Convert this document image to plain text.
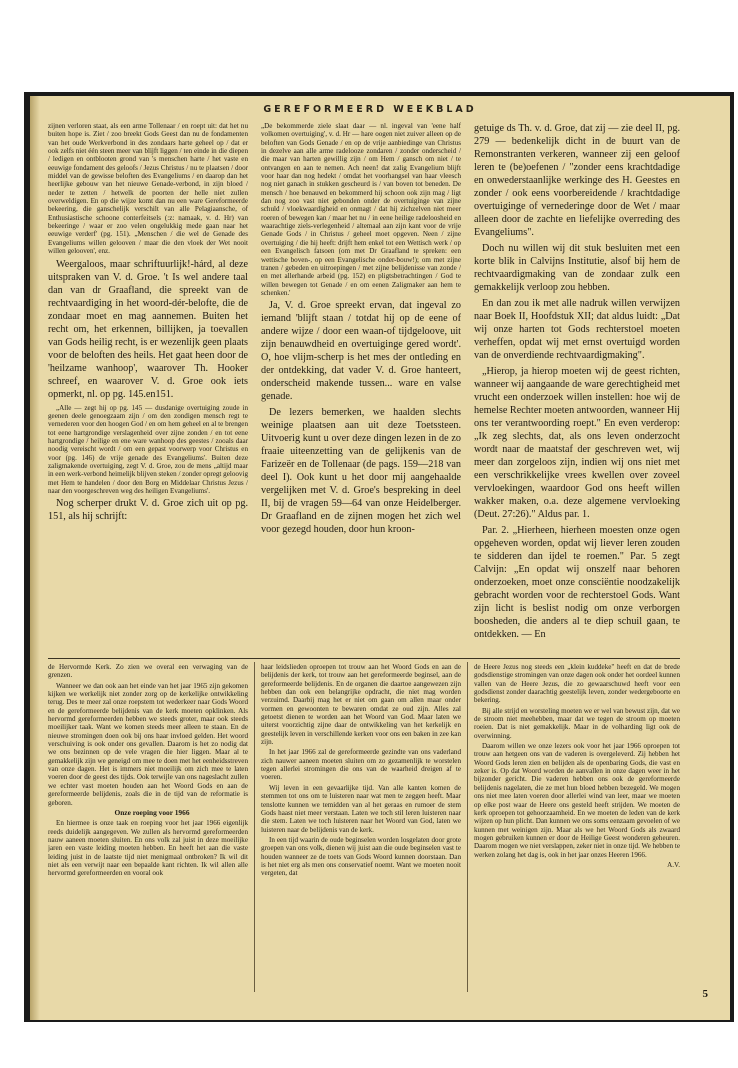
GEREFORMEERD WEEKBLAD

zijnen verloren staat, als een arme Tollenaar / en roept uit: dat het nu buiten hope is. Ziet / zoo breekt Gods Geest dan nu de fondamenten van het oude Werkverbond in des zondaars harte geheel op / dat er ook zelfs niet één steen meer van blijft liggen / ten einde in die diepen / ledigen en ontblooten grond van 's menschen harte / het vaste en eeuwige fondament des geloofs / Jezus Christus / nu te plaatsen / door middel van de gewisse beloften des Evangeliums / en daarop dan het heerlijke gebouw van het nieuwe Genade-verbond, in zijn bloed / neder te zetten / hetwelk de poorten der helle niet zullen overweldigen. En op die wijze komt dan nu een ware Gereformeerde bekeering, die ganschelijk verschilt van alle Pelagiaansche, of Enthusiastische schoone conterfeitsels (:z: namaak, v. d. Hr) van bekeeringe / waar er zoo velen ongelukkig mede gaan naar het eeuwige verderf' (pg. 151). „Menschen / die wel de Genade des Evangeliums willen gelooven / maar die den vloek der Wet nooit willen gelooven', enz.

Weergaloos, maar schriftuurlijk!-hárd, al deze uitspraken van V. d. Groe. 't Is wel andere taal dan van dr Graafland, die spreekt van de rechtvaardiging in het woord-dér-belofte, die de zondaar moet en mag aannemen. Buiten het recht om, het erkennen, billijken, ja toevallen van Gods heilig recht, is er wezenlijk geen plaats voor de beloften des heils. Het gaat heen door de 'heilzame wanhoop', waarover Th. Hooker schreef, en waarover V. d. Groe ook iets opmerkt, nl. op pg. 145.en151.

„Alle — zegt hij op pg. 145 — dusdanige overtuiging zoude in geenen deele genoegzaam zijn / om den zondigen mensch regt te vernederen voor den hoogen God / en om hem geheel en al te brengen tot eene hartgrondige verslagenheid over zijne zonden / en tot eene hartgrondige / heilige en ene ware wanhoop des geestes / zooals daar noodig vereischt wordt / om een gepast voorwerp voor Christus en voor (pg. 146) de vrije genade des Evangeliums'. Buiten deze zaligmakende overtuiging, zegt V. d. Groe, zou de mens „altijd maar in een werk-verbond heimelijk blijven steken / zonder opregt geloovig met Hem te handelen / door den Borg en Middelaar Christus Jezus / naar den voorgeschreven weg des heiligen Evangeliums'.

Nog scherper drukt V. d. Groe zich uit op pg. 151, als hij schrijft:

„De bekommerde ziele slaat daar — nl. ingeval van 'eene half volkomen overtuiging', v. d. Hr — hare oogen niet zuiver alleen op de beloften van Gods Genade / en op de vrije aanbiedinge van Christus in dezelve aan alle arme radelooze zondaren / zonder onderscheid / die maar van harten gewillig zijn / om Hem / gansch om niet / te ontvangen en aan te nemen. Ach neen! dat zalig Evangelium blijft voor haar dan nog hedekt / omdat het voorhangsel van haar vleesch nog niet ganach in stukken gescheurd is / van boven tot beneden. De mensch / hoe benauwd en bekommerd hij schoon ook zijn mag / ligt dan nog zoo vast niet gebonden onder de overtuiginge van zijne schuld / vloekwaardigheid en onmagt / dat hij zichzelven niet meer roeren of bewegen kan / maar het nu / in eene heilige radeloosheid en waarachtige ziels-verlegenheid / altemaal aan zijn kant voor de vrije Genade Gods / in Christus / geheel moet opgeven. Neen / zijne overtuiging / die hij heeft: drijft hem enkel tot een Wettisch werk / op een Evangelisch fatsoen (om met Dr Graafland te spreken: een wettische boven-, op een Evangelische onder-bouw!); om met zijne tranen / gebeden en uitroepingen / met zijne belijdenisse van zonde / en met allerhande arbeid (pg. 152) en pligtsbetrachtingen / God te willen bewegen tot Genade / en om eenen Zaligmaker aan hem te schenken.'

Ja, V. d. Groe spreekt ervan, dat ingeval zo iemand 'blijft staan / totdat hij op de eene of andere wijze / door een waan-of tijdgeloove, uit zijn benauwdheid en overtuiginge gered wordt'. O, hoe vlijm-scherp is het mes der ontleding en der ontdekking, dat vader V. d. Groe hanteert, onderscheid makende tussen... ware en valse genade.

De lezers bemerken, we haalden slechts weinige plaatsen aan uit deze Toetssteen. Uitvoerig kunt u over deze dingen lezen in de zo fraaie uiteenzetting van de gelijkenis van de Farizeër en de Tollenaar (de pags. 159—218 van deel I). Ook kunt u het door mij aangehaalde vergelijken met V. d. Groe's bespreking in deel II, bij de vragen 59—64 van onze Heidelberger. Dr Graafland en de zijnen mogen het zich wel voor gezegd houden, door hun kroon-

getuige ds Th. v. d. Groe, dat zij — zie deel II, pg. 279 — bedenkelijk dicht in de buurt van de Remonstranten verkeren, wanneer zij een geloof leren te (be)oefenen / "zonder eens krachtdadige en onwederstaanlijke werkinge des H. Geestes en zonder / ook eens voorbereidende / krachtdadige overtuiginge of vernederinge door de Wet / maar alleen door de zachte en liefelijke overreding des Evangeliums".

Doch nu willen wij dit stuk besluiten met een korte blik in Calvijns Institutie, alsof bij hem de rechtvaardigmaking van de zondaar zulk een gemakkelijk verloop zou hebben.

En dan zou ik met alle nadruk willen verwijzen naar Boek II, Hoofdstuk XII; dat aldus luidt: „Dat wij onze harten tot Gods rechterstoel moeten verheffen, opdat wij met ernst overtuigd worden van de onverdiende rechtvaardigmaking".

„Hierop, ja hierop moeten wij de geest richten, wanneer wij aangaande de ware gerechtigheid met vrucht een onderzoek willen instellen: hoe wij de hemelse Rechter moeten antwoorden, wanneer Hij ons ter verantwoording roept." En even verderop: „Ik zeg slechts, dat, als ons leven onderzocht wordt naar de maatstaf der geschreven wet, wij meer dan zorgeloos zijn, indien wij ons niet met een verschrikkelijke vrees kwellen over zoveel vervloekingen, waardoor God ons heeft willen wakker maken, o.a. deze algemene vervloeking (Deut. 27:26)." Aldus par. 1.

Par. 2. „Hierheen, hierheen moesten onze ogen opgeheven worden, opdat wij liever leren zouden te sidderen dan ijdel te roemen." Par. 5 zegt Calvijn: „En opdat wij onszelf naar behoren onderzoeken, moet onze consciëntie noodzakelijk gebracht worden voor de rechterstoel Gods. Want zijn licht is beslist nodig om onze verborgen boosheden, die anders al te diep schuil gaan, te ontdekken. — En

de Hervormde Kerk. Zo zien we overal een verwaging van de grenzen.

Wanneer we dan ook aan het einde van het jaar 1965 zijn gekomen kijken we werkelijk niet zonder zorg op de kerkelijke ontwikkeling terug. Des te meer zal onze roepstem tot wederkeer naar Gods Woord en de gereformeerde belijdenis van de kerk moeten opklinken. Als hervormd gereformeerden hebben we steeds groter, maar ook steeds moeilijker taak. Want we komen steeds meer alleen te staan. En de nieuwe stromingen doen ook bij ons haar invloed gelden. Het woord verschuiving is ook onder ons gevallen. Daarom is het zo nodig dat we ons bezinnen op de vele vragen die hier liggen. Maar al te gemakkelijk zijn we geneigd om mee te doen met het eenheidsstreven van onze dagen. Het is immers niet moeilijk om zich mee te laten voeren door de geest des tijds. Ook terwijle van ons nageslacht zullen we echter vast moeten houden aan het Woord Gods en aan de gereformeerde belijdenis, zoals die in de tijd van de reformatie is geboren.

Onze roeping voor 1966

En hiermee is onze taak en roeping voor het jaar 1966 eigenlijk reeds duidelijk aangegeven. We zullen als hervormd gereformeerden nauw aaneen moeten sluiten. En ons volk zal juist in deze moeilijke jaren een vaste leiding moeten hebben. En heeft het aan die vaste leiding juist in de laatste tijd niet menigmaal ontbroken? Ik wil dit niet als een verwijt naar een bepaalde kant richten. Ik wil allen alle hervormd gereformeerden en vooral ook

haar leidslieden oproepen tot trouw aan het Woord Gods en aan de belijdenis der kerk, tot trouw aan het gereformeerde beginsel, aan de gereformeerde belijdenis. En de organen die daartoe aangewezen zijn hebben dan ook een belangrijke opdracht, die niet mag worden verzuimd. Daarbij mag het er niet om gaan om allen maar onder vormen en gewoonten te bewaren omdat ze oud zijn. Alles zal getoetst dienen te worden aan het Woord van God. Maar laten we uiterst voorzichtig zijne daar de ontwikkeling van het kerkelijk en geestelijk leven in verschillende kerken voor ons een baken in zee kan zijn.

In het jaar 1966 zal de gereformeerde gezindte van ons vaderland zich nauwer aaneen moeten sluiten om zo gezamenlijk te worstelen tegen allerlei stromingen die ons van de waarheid dreigen af te voeren.

Wij leven in een gevaarlijke tijd. Van alle kanten komen de stemmen tot ons om te luisteren naar wat men te zeggen heeft. Maar tenslotte kunnen we temidden van al het geraas en rumoer de stem Gods haast niet meer verstaan. Laten we toch stil leren luisteren naar die stem. Laten we toch luisteren naar het Woord van God, laten we luisteren naar de belijdenis van de kerk.

In een tijd waarin de oude beginselen worden losgelaten door grote groepen van ons volk, dienen wij juist aan die oude beginselen vast te houden wanneer ze de toets van Gods Woord kunnen doorstaan. Dan is het niet erg als men ons conservatief noemt. Want we moeten nooit vergeten, dat

de Heere Jezus nog steeds een „klein kuddeke" heeft en dat de brede godsdienstige stromingen van onze dagen ook onder het oordeel kunnen vallen van de Heere Jezus, die zo gewaarschuwd heeft voor een godsdienst zonder daarachtig geestelijk leven, zonder wedergeboorte en bekering.

Bij alle strijd en worsteling moeten we er wel van bewust zijn, dat we de stroom niet meehebben, maar dat we tegen de stroom op moeten roeien. Dat is niet gemakkelijk. Maar in de volharding ligt ook de overwinning.

Daarom willen we onze lezers ook voor het jaar 1966 oproepen tot trouw aan hetgeen ons van de vaderen is overgeleverd. Zij hebben het Woord Gods leren zien en belijden als de openbaring Gods, die vast en zeker is. Op dat Woord worden de aanvallen in onze dagen weer in het bijzonder gericht. Die vaderen hebben ons ook de gereformeerde belijdenis nagelaten, die ze met hun bloed hebben bezegeld. We mogen ons niet mee laten voeren door allerlei wind van leer, maar we moeten op elke post waar de Heere ons gesteld heeft strijden. We moeten de kerk oproepen tot gehoorzaamheid. En we moeten de leden van de kerk wijzen op hun plicht. Dan kunnen we ons soms eenzaam gevoelen of we kunnen met weinigen zijn. Maar als we het Woord Gods als zwaard mogen gebruiken kunnen er door de Heilige Geest wonderen geheuren. Daarom mogen we niet verslappen, zeker niet in onze tijd. We hebben te werken zolang het dag is, ook in het jaar onzes Heeren 1966.

A.V.

5
